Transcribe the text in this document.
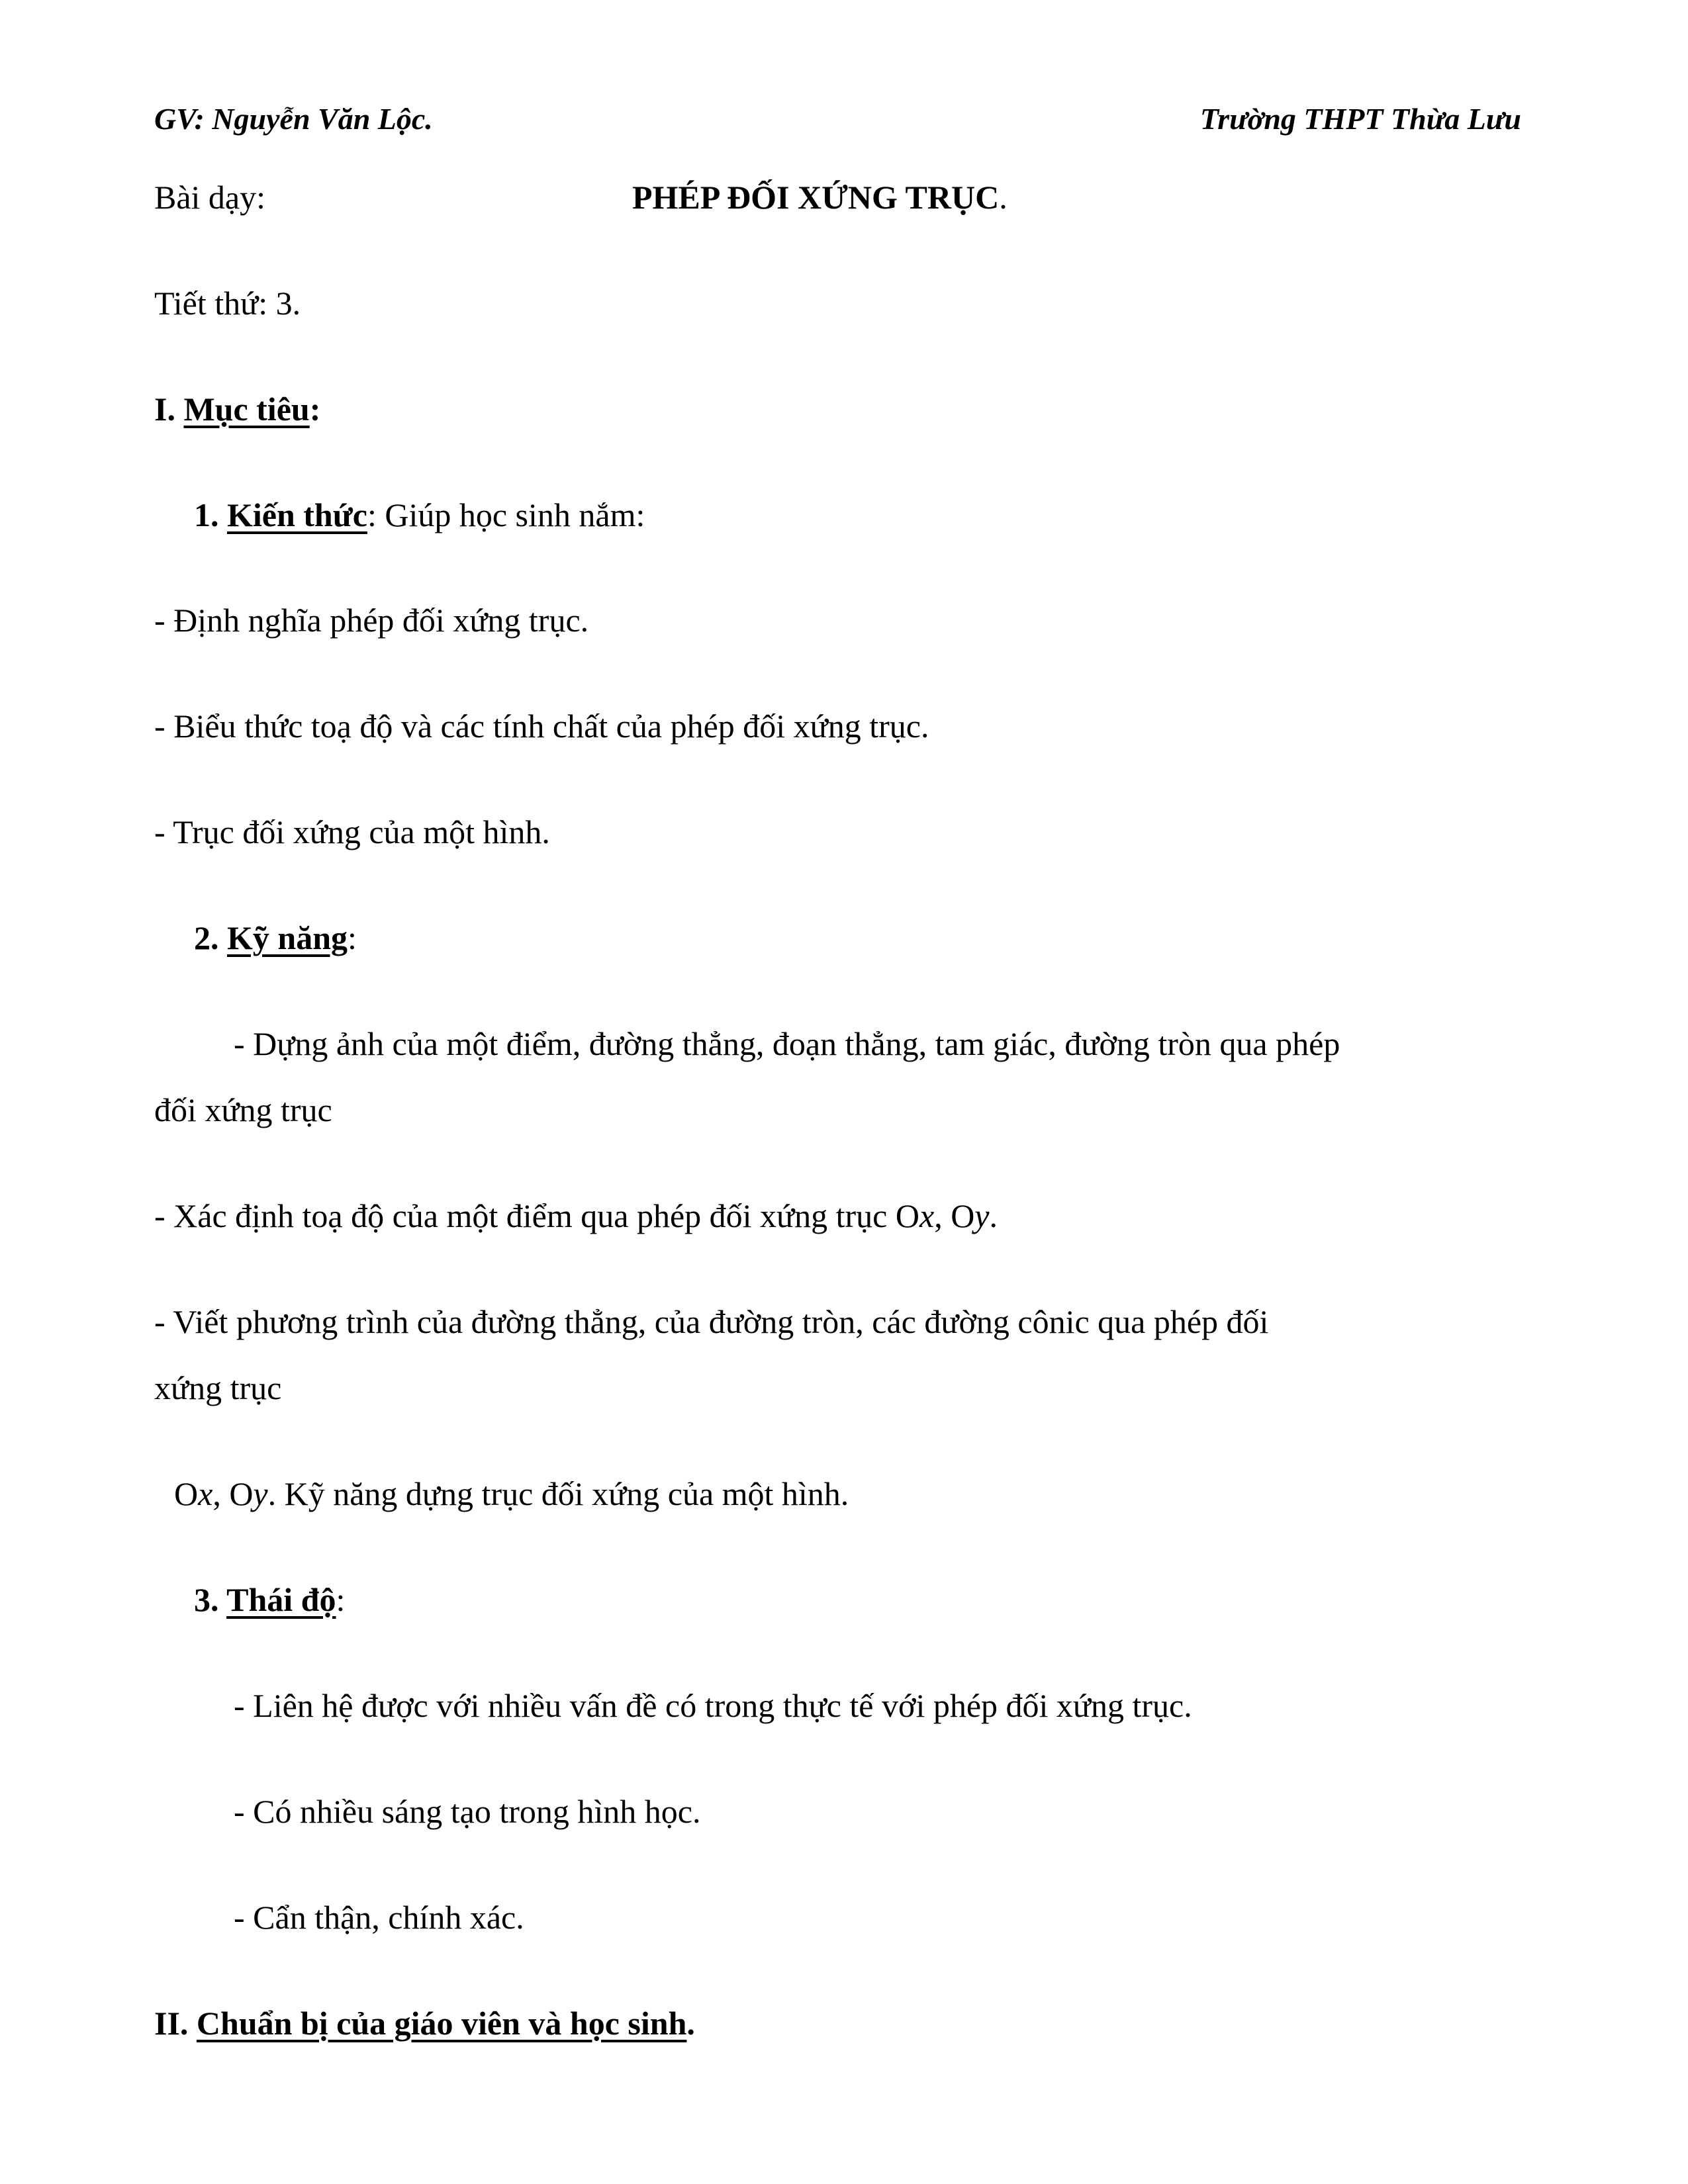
GV: Nguyễn Văn Lộc.	Trường THPT Thừa Lưu
Bài dạy:	PHÉP ĐỐI XỨNG TRỤC.
Tiết thứ: 3.
I. Mục tiêu:
1. Kiến thức: Giúp học sinh nắm:
- Định nghĩa phép đối xứng trục.
- Biểu thức toạ độ và các tính chất của phép đối xứng trục.
- Trục đối xứng của một hình.
2. Kỹ năng:
- Dựng ảnh của một điểm, đường thẳng, đoạn thẳng, tam giác, đường tròn qua phép
đối xứng trục
- Xác định toạ độ của một điểm qua phép đối xứng trục Ox, Oy.
- Viết phương trình của đường thẳng, của đường tròn, các đường cônic qua phép đối
xứng trục
Ox, Oy. Kỹ năng dựng trục đối xứng của một hình.
3. Thái độ:
- Liên hệ được với nhiều vấn đề có trong thực tế với phép đối xứng trục.
- Có nhiều sáng tạo trong hình học.
- Cẩn thận, chính xác.
II. Chuẩn bị của giáo viên và học sinh.
